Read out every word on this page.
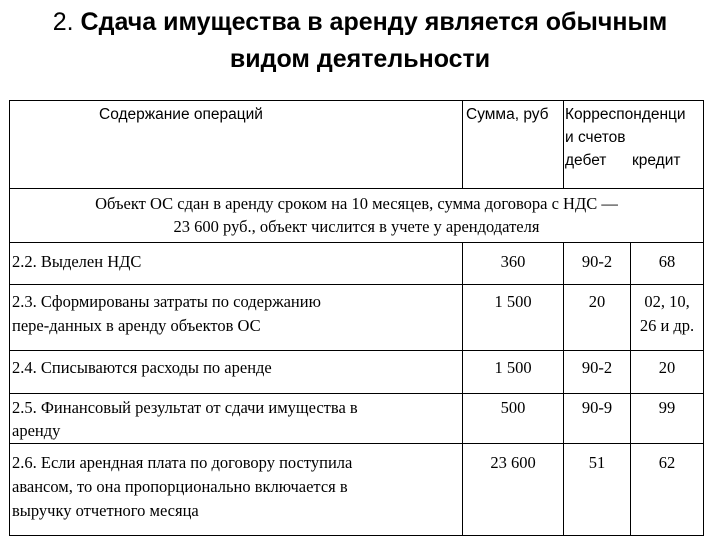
2. Сдача имущества в аренду является обычным
видом деятельности
Содержание операций	Сумма, руб Корреспонденци
и счетов
дебет кредит
Объект ОС сдан в аренду сроком на 10 месяцев, сумма договора с НДС —
23 600 руб., объект числится в учете у арендодателя
2.2. Выделен НДС	360	90-2	68
2.3. Сформированы затраты по содержанию
пере-данных в аренду объектов ОС
1 500	20	02, 10,
26 и др.
2.4. Списываются расходы по аренде	1 500	90-2	20
2.5. Финансовый результат от сдачи имущества в
аренду
500	90-9	99
2.6. Если арендная плата по договору поступила
авансом, то она пропорционально включается в
выручку отчетного месяца
23 600	51	62
